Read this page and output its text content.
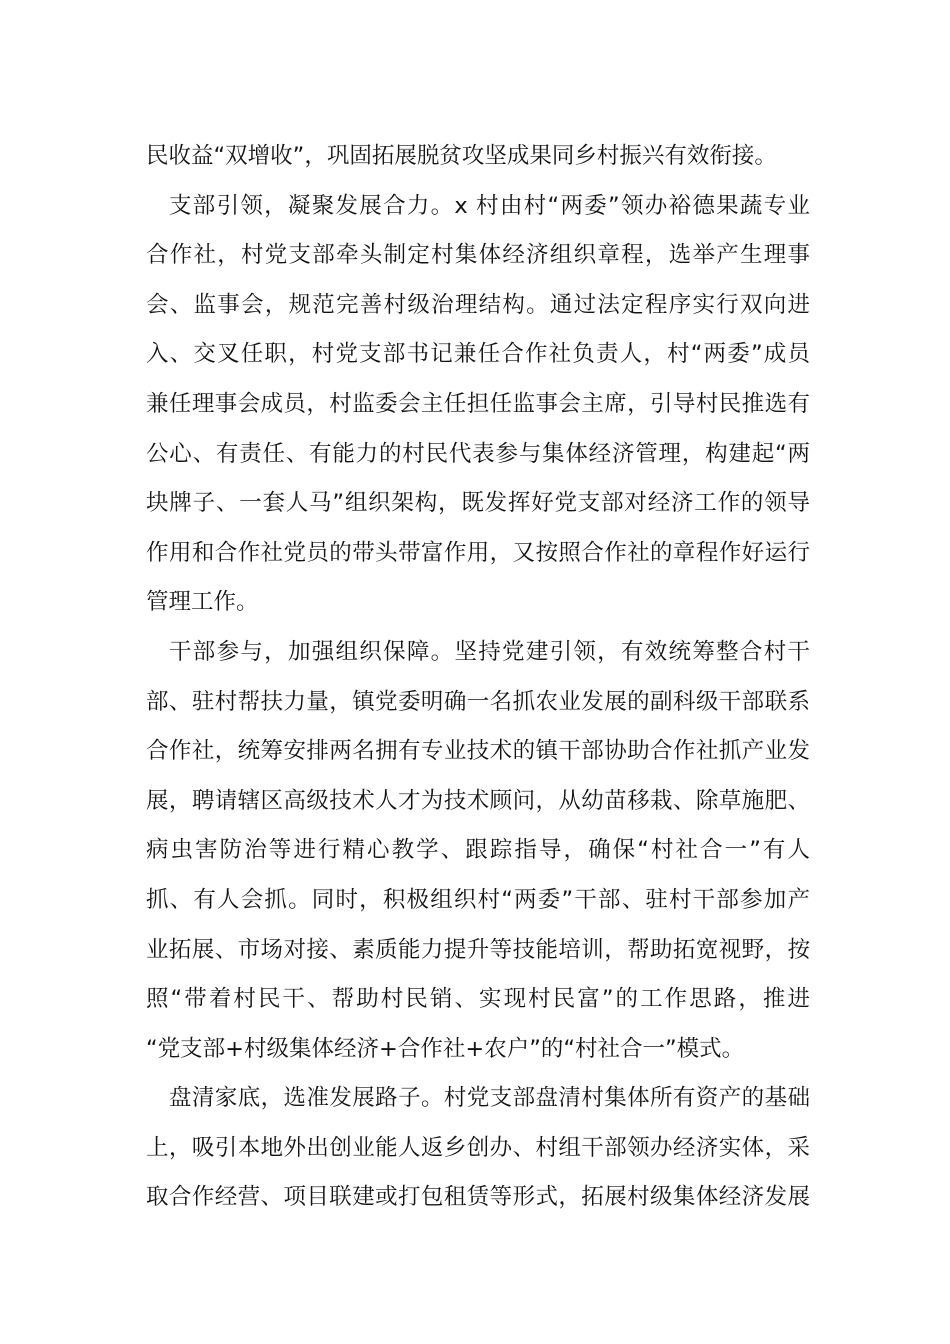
民收益“双增收”，巩固拓展脱贫攻坚成果同乡村振兴有效衔接。
支部引领，凝聚发展合力。x 村由村“两委”领办裕德果蔬专业
合作社，村党支部牵头制定村集体经济组织章程，选举产生理事
会、监事会，规范完善村级治理结构。通过法定程序实行双向进
入、交叉任职，村党支部书记兼任合作社负责人，村“两委”成员
兼任理事会成员，村监委会主任担任监事会主席，引导村民推选有
公心、有责任、有能力的村民代表参与集体经济管理，构建起“两
块牌子、一套人马”组织架构，既发挥好党支部对经济工作的领导
作用和合作社党员的带头带富作用，又按照合作社的章程作好运行
管理工作。
干部参与，加强组织保障。坚持党建引领，有效统筹整合村干
部、驻村帮扶力量，镇党委明确一名抓农业发展的副科级干部联系
合作社，统筹安排两名拥有专业技术的镇干部协助合作社抓产业发
展，聘请辖区高级技术人才为技术顾问，从幼苗移栽、除草施肥、
病虫害防治等进行精心教学、跟踪指导，确保“村社合一”有人
抓、有人会抓。同时，积极组织村“两委”干部、驻村干部参加产
业拓展、市场对接、素质能力提升等技能培训，帮助拓宽视野，按
照“带着村民干、帮助村民销、实现村民富”的工作思路，推进
“党支部+村级集体经济+合作社+农户”的“村社合一”模式。
盘清家底，选准发展路子。村党支部盘清村集体所有资产的基础
上，吸引本地外出创业能人返乡创办、村组干部领办经济实体，采
取合作经营、项目联建或打包租赁等形式，拓展村级集体经济发展
